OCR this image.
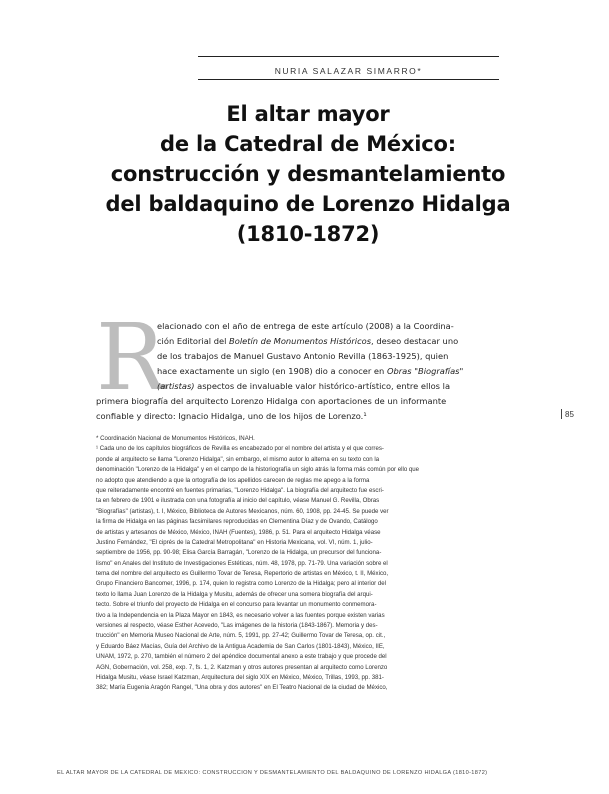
NURIA SALAZAR SIMARRO*
El altar mayor
de la Catedral de México:
construcción y desmantelamiento
del baldaquino de Lorenzo Hidalga
(1810-1872)
R
elacionado con el año de entrega de este artículo (2008) a la Coordina-
ción Editorial del Boletín de Monumentos Históricos, deseo destacar uno
de los trabajos de Manuel Gustavo Antonio Revilla (1863-1925), quien
hace exactamente un siglo (en 1908) dio a conocer en Obras "Biografías"
(artistas) aspectos de invaluable valor histórico-artístico, entre ellos la
primera biografía del arquitecto Lorenzo Hidalga con aportaciones de un informante
confiable y directo: Ignacio Hidalga, uno de los hijos de Lorenzo.¹	85
* Coordinación Nacional de Monumentos Históricos, INAH.
¹ Cada uno de los capítulos biográficos de Revilla es encabezado por el nombre del artista y el que corres-
ponde al arquitecto se llama "Lorenzo Hidalga", sin embargo, el mismo autor lo alterna en su texto con la
denominación "Lorenzo de la Hidalga" y en el campo de la historiografía un siglo atrás la forma más común por ello que
no adopto que atendiendo a que la ortografía de los apellidos carecen de reglas me apego a la forma
que reiteradamente encontré en fuentes primarias, "Lorenzo Hidalga". La biografía del arquitecto fue escri-
ta en febrero de 1901 e ilustrada con una fotografía al inicio del capítulo, véase Manuel G. Revilla, Obras
"Biografías" (artistas), t. I, México, Biblioteca de Autores Mexicanos, núm. 60, 1908, pp. 24-45. Se puede ver
la firma de Hidalga en las páginas facsimilares reproducidas en Clementina Díaz y de Ovando, Catálogo
de artistas y artesanos de México, México, INAH (Fuentes), 1986, p. 51. Para el arquitecto Hidalga véase
Justino Fernández, "El ciprés de la Catedral Metropolitana" en Historia Mexicana, vol. VI, núm. 1, julio-
septiembre de 1956, pp. 90-98; Elisa García Barragán, "Lorenzo de la Hidalga, un precursor del funciona-
lismo" en Anales del Instituto de Investigaciones Estéticas, núm. 48, 1978, pp. 71-79. Una variación sobre el
tema del nombre del arquitecto es Guillermo Tovar de Teresa, Repertorio de artistas en México, t. II, México,
Grupo Financiero Bancomer, 1996, p. 174, quien lo registra como Lorenzo de la Hidalga; pero al interior del
texto lo llama Juan Lorenzo de la Hidalga y Musitu, además de ofrecer una somera biografía del arqui-
tecto. Sobre el triunfo del proyecto de Hidalga en el concurso para levantar un monumento conmemora-
tivo a la Independencia en la Plaza Mayor en 1843, es necesario volver a las fuentes porque existen varias
versiones al respecto, véase Esther Acevedo, "Las imágenes de la historia (1843-1867). Memoria y des-
trucción" en Memoria Museo Nacional de Arte, núm. 5, 1991, pp. 27-42; Guillermo Tovar de Teresa, op. cit.,
y Eduardo Báez Macías, Guía del Archivo de la Antigua Academia de San Carlos (1801-1843), México, IIE,
UNAM, 1972, p. 270, también el número 2 del apéndice documental anexo a este trabajo y que procede del
AGN, Gobernación, vol. 258, exp. 7, fs. 1, 2. Katzman y otros autores presentan al arquitecto como Lorenzo
Hidalga Musitu, véase Israel Katzman, Arquitectura del siglo XIX en México, México, Trillas, 1993, pp. 381-
382; María Eugenia Aragón Rangel, "Una obra y dos autores" en El Teatro Nacional de la ciudad de México,
EL ALTAR MAYOR DE LA CATEDRAL DE MÉXICO: CONSTRUCCIÓN Y DESMANTELAMIENTO DEL BALDAQUINO DE LORENZO HIDALGA (1810-1872)
